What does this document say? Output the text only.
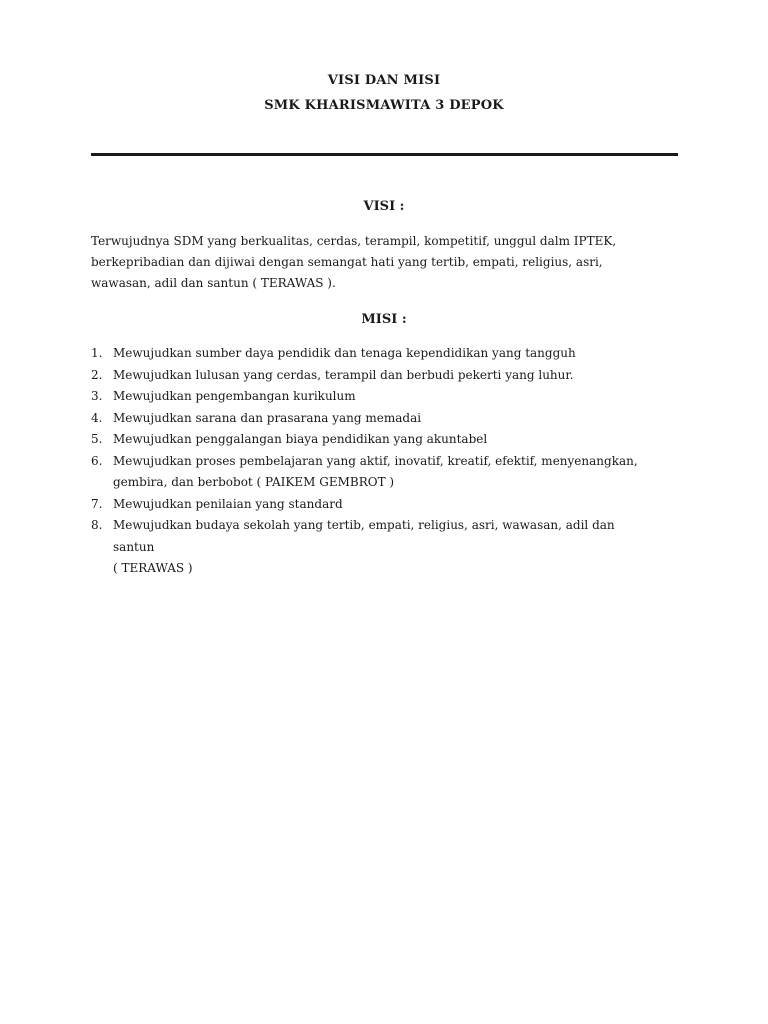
VISI DAN MISI
SMK KHARISMAWITA 3 DEPOK
VISI :
Terwujudnya SDM yang berkualitas, cerdas, terampil, kompetitif, unggul dalm IPTEK,
berkepribadian dan dijiwai dengan semangat hati yang tertib, empati, religius, asri,
wawasan, adil dan santun ( TERAWAS ).
MISI :
1. Mewujudkan sumber daya pendidik dan tenaga kependidikan yang tangguh
2. Mewujudkan lulusan yang cerdas, terampil dan berbudi pekerti yang luhur.
3. Mewujudkan pengembangan kurikulum
4. Mewujudkan sarana dan prasarana yang memadai
5. Mewujudkan penggalangan biaya pendidikan yang akuntabel
6. Mewujudkan proses pembelajaran yang aktif, inovatif, kreatif, efektif, menyenangkan,
gembira, dan berbobot ( PAIKEM GEMBROT )
7. Mewujudkan penilaian yang standard
8. Mewujudkan budaya sekolah yang tertib, empati, religius, asri, wawasan, adil dan
santun
( TERAWAS )
